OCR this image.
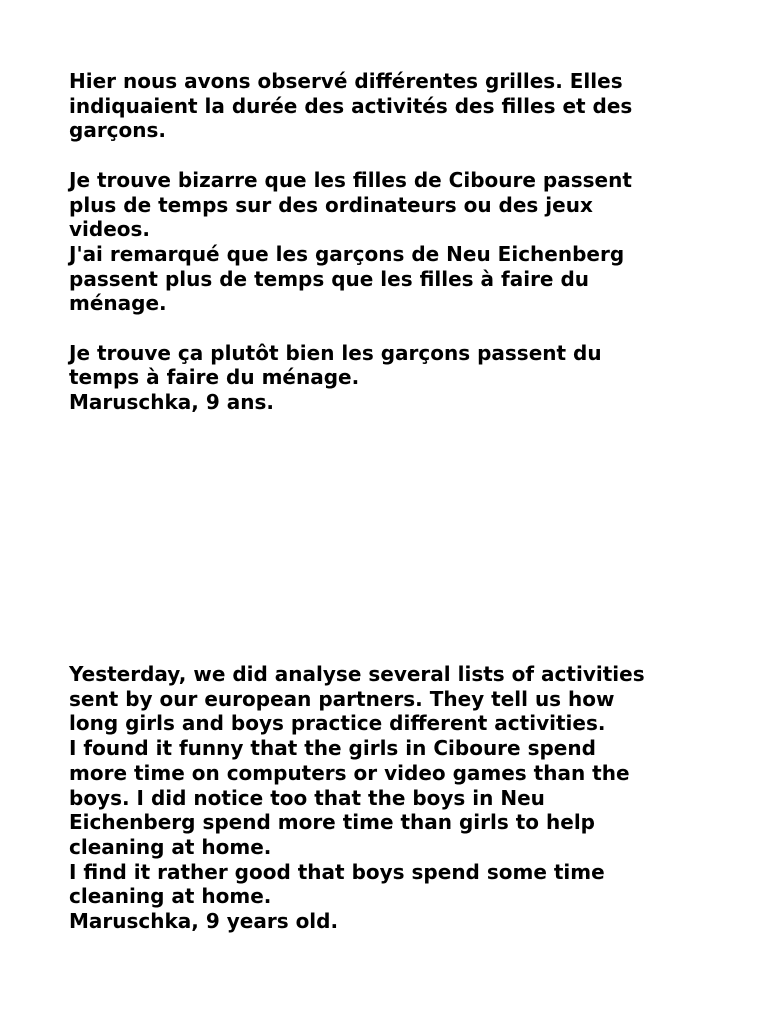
Hier nous avons observé différentes grilles. Elles
indiquaient la durée des activités des filles et des
garçons.
Je trouve bizarre que les filles de Ciboure passent
plus de temps sur des ordinateurs ou des jeux
videos.
J'ai remarqué que les garçons de Neu Eichenberg
passent plus de temps que les filles à faire du
ménage.
Je trouve ça plutôt bien les garçons passent du
temps à faire du ménage.
Maruschka, 9 ans.
Yesterday, we did analyse several lists of activities
sent by our european partners. They tell us how
long girls and boys practice different activities.
I found it funny that the girls in Ciboure spend
more time on computers or video games than the
boys. I did notice too that the boys in Neu
Eichenberg spend more time than girls to help
cleaning at home.
I find it rather good that boys spend some time
cleaning at home.
Maruschka, 9 years old.
